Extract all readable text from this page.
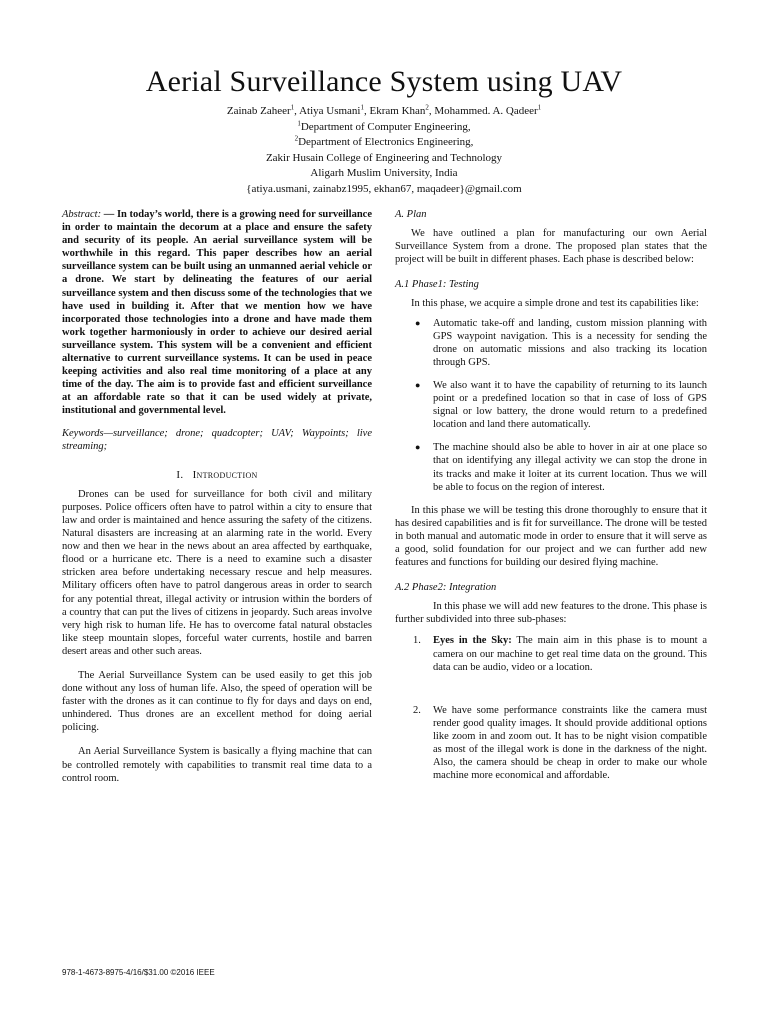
Aerial Surveillance System using UAV
Zainab Zaheer$^1$, Atiya Usmani$^1$, Ekram Khan$^2$, Mohammed. A. Qadeer$^1$
$^1$Department of Computer Engineering,
$^2$Department of Electronics Engineering,
Zakir Husain College of Engineering and Technology
Aligarh Muslim University, India
{atiya.usmani, zainabz1995, ekhan67, maqadeer}@gmail.com

Abstract: — In today’s world, there is a growing need for surveillance in order to maintain the decorum at a place and ensure the safety and security of its people. An aerial surveillance system will be worthwhile in this regard. This paper describes how an aerial surveillance system can be built using an unmanned aerial vehicle or a drone. We start by delineating the features of our aerial surveillance system and then discuss some of the technologies that we have used in building it. After that we mention how we have incorporated those technologies into a drone and have made them work together harmoniously in order to achieve our desired aerial surveillance system. This system will be a convenient and efficient alternative to current surveillance systems. It can be used in peace keeping activities and also real time monitoring of a place at any time of the day. The aim is to provide fast and efficient surveillance at an affordable rate so that it can be used widely at private, institutional and governmental level.

Keywords—surveillance; drone; quadcopter; UAV; Waypoints; live streaming;

I. Introduction

Drones can be used for surveillance for both civil and military purposes. Police officers often have to patrol within a city to ensure that law and order is maintained and hence assuring the safety of the citizens. Natural disasters are increasing at an alarming rate in the world. Every now and then we hear in the news about an area affected by earthquake, flood or a hurricane etc. There is a need to examine such a disaster stricken area before undertaking necessary rescue and help measures. Military officers often have to patrol dangerous areas in order to search for any potential threat, illegal activity or intrusion within the borders of a country that can put the lives of citizens in jeopardy. Such areas involve very high risk to human life. He has to overcome fatal natural obstacles like steep mountain slopes, forceful water currents, hostile and barren desert areas and other such areas.

The Aerial Surveillance System can be used easily to get this job done without any loss of human life. Also, the speed of operation will be faster with the drones as it can continue to fly for days and days on end, unhindered. Thus drones are an excellent method for doing aerial policing.

An Aerial Surveillance System is basically a flying machine that can be controlled remotely with capabilities to transmit real time data to a control room.

A. Plan

We have outlined a plan for manufacturing our own Aerial Surveillance System from a drone. The proposed plan states that the project will be built in different phases. Each phase is described below:

A.1 Phase1: Testing

In this phase, we acquire a simple drone and test its capabilities like:

● Automatic take-off and landing, custom mission planning with GPS waypoint navigation. This is a necessity for sending the drone on automatic missions and also tracking its location through GPS.
● We also want it to have the capability of returning to its launch point or a predefined location so that in case of loss of GPS signal or low battery, the drone would return to a predefined location and land there automatically.
● The machine should also be able to hover in air at one place so that on identifying any illegal activity we can stop the drone in its tracks and make it loiter at its current location. Thus we will be able to focus on the region of interest.

In this phase we will be testing this drone thoroughly to ensure that it has desired capabilities and is fit for surveillance. The drone will be tested in both manual and automatic mode in order to ensure that it will serve as a good, solid foundation for our project and we can further add new features and functions for building our desired flying machine.

A.2 Phase2: Integration

In this phase we will add new features to the drone. This phase is further subdivided into three sub-phases:

1. Eyes in the Sky: The main aim in this phase is to mount a camera on our machine to get real time data on the ground. This data can be audio, video or a location.
2. We have some performance constraints like the camera must render good quality images. It should provide additional options like zoom in and zoom out. It has to be night vision compatible as most of the illegal work is done in the darkness of the night. Also, the camera should be cheap in order to make our whole machine more economical and affordable.
978-1-4673-8975-4/16/$31.00 ©2016 IEEE
